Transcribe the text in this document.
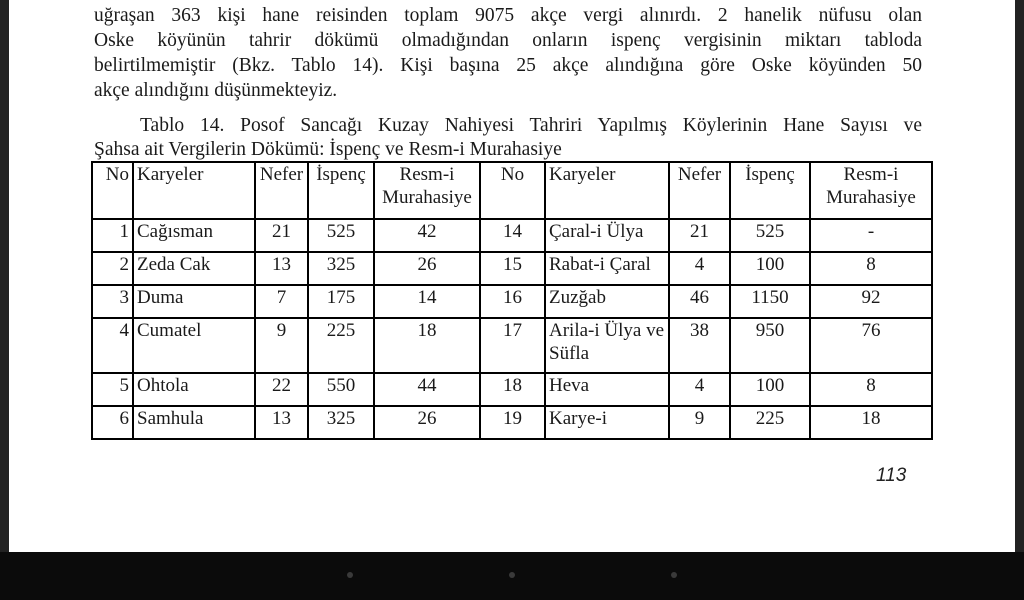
uğraşan 363 kişi hane reisinden toplam 9075 akçe vergi alınırdı. 2 hanelik nüfusu olan
Oske köyünün tahrir dökümü olmadığından onların ispenç vergisinin miktarı tabloda
belirtilmemiştir (Bkz. Tablo 14). Kişi başına 25 akçe alındığına göre Oske köyünden 50
akçe alındığını düşünmekteyiz.
Tablo 14. Posof Sancağı Kuzay Nahiyesi Tahriri Yapılmış Köylerinin Hane Sayısı ve
Şahsa ait Vergilerin Dökümü: İspenç ve Resm-i Murahasiye
No	Karyeler	Nefer	İspenç	Resm-i Murahasiye	No	Karyeler	Nefer	İspenç	Resm-i Murahasiye
1	Cağısman	21	525	42	14	Çaral-i Ülya	21	525	-
2	Zeda Cak	13	325	26	15	Rabat-i Çaral	4	100	8
3	Duma	7	175	14	16	Zuzğab	46	1150	92
4	Cumatel	9	225	18	17	Arila-i Ülya ve Süfla	38	950	76
5	Ohtola	22	550	44	18	Heva	4	100	8
6	Samhula	13	325	26	19	Karye-i	9	225	18
113
